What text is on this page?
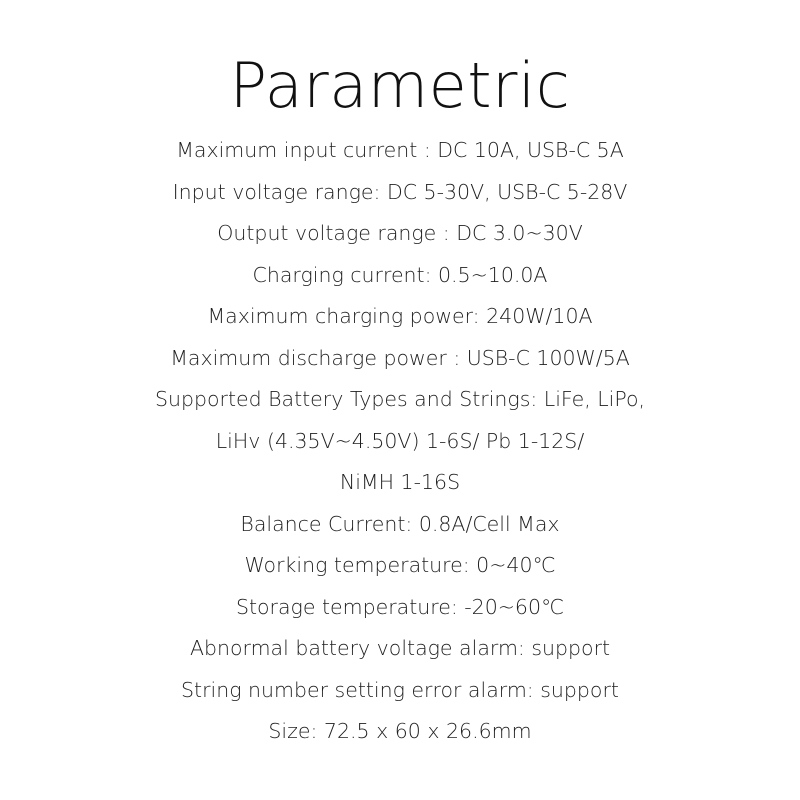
Parametric
Maximum input current : DC 10A, USB-C 5A
Input voltage range: DC 5-30V, USB-C 5-28V
Output voltage range : DC 3.0~30V
Charging current: 0.5~10.0A
Maximum charging power: 240W/10A
Maximum discharge power : USB-C 100W/5A
Supported Battery Types and Strings: LiFe, LiPo,
LiHv (4.35V~4.50V) 1-6S/ Pb 1-12S/
NiMH 1-16S
Balance Current: 0.8A/Cell Max
Working temperature: 0~40℃
Storage temperature: -20~60℃
Abnormal battery voltage alarm: support
String number setting error alarm: support
Size: 72.5 x 60 x 26.6mm
